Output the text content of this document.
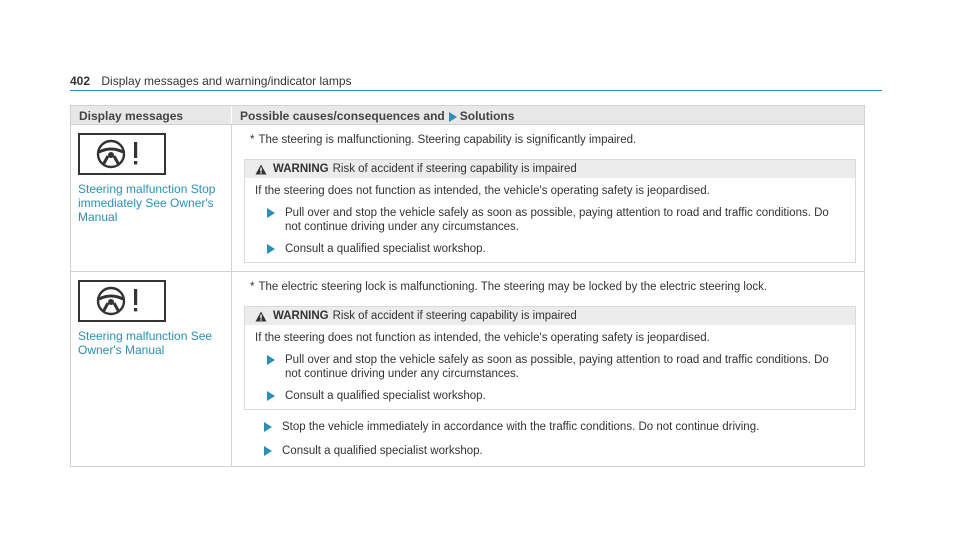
402 Display messages and warning/indicator lamps
Display messages	Possible causes/consequences and Solutions
Steering malfunction Stop immediately See Owner's Manual
* The steering is malfunctioning. Steering capability is significantly impaired.
WARNING Risk of accident if steering capability is impaired
If the steering does not function as intended, the vehicle's operating safety is jeopardised.
Pull over and stop the vehicle safely as soon as possible, paying attention to road and traffic conditions. Do not continue driving under any circumstances.
Consult a qualified specialist workshop.
Steering malfunction See Owner's Manual
* The electric steering lock is malfunctioning. The steering may be locked by the electric steering lock.
WARNING Risk of accident if steering capability is impaired
If the steering does not function as intended, the vehicle's operating safety is jeopardised.
Pull over and stop the vehicle safely as soon as possible, paying attention to road and traffic conditions. Do not continue driving under any circumstances.
Consult a qualified specialist workshop.
Stop the vehicle immediately in accordance with the traffic conditions. Do not continue driving.
Consult a qualified specialist workshop.
